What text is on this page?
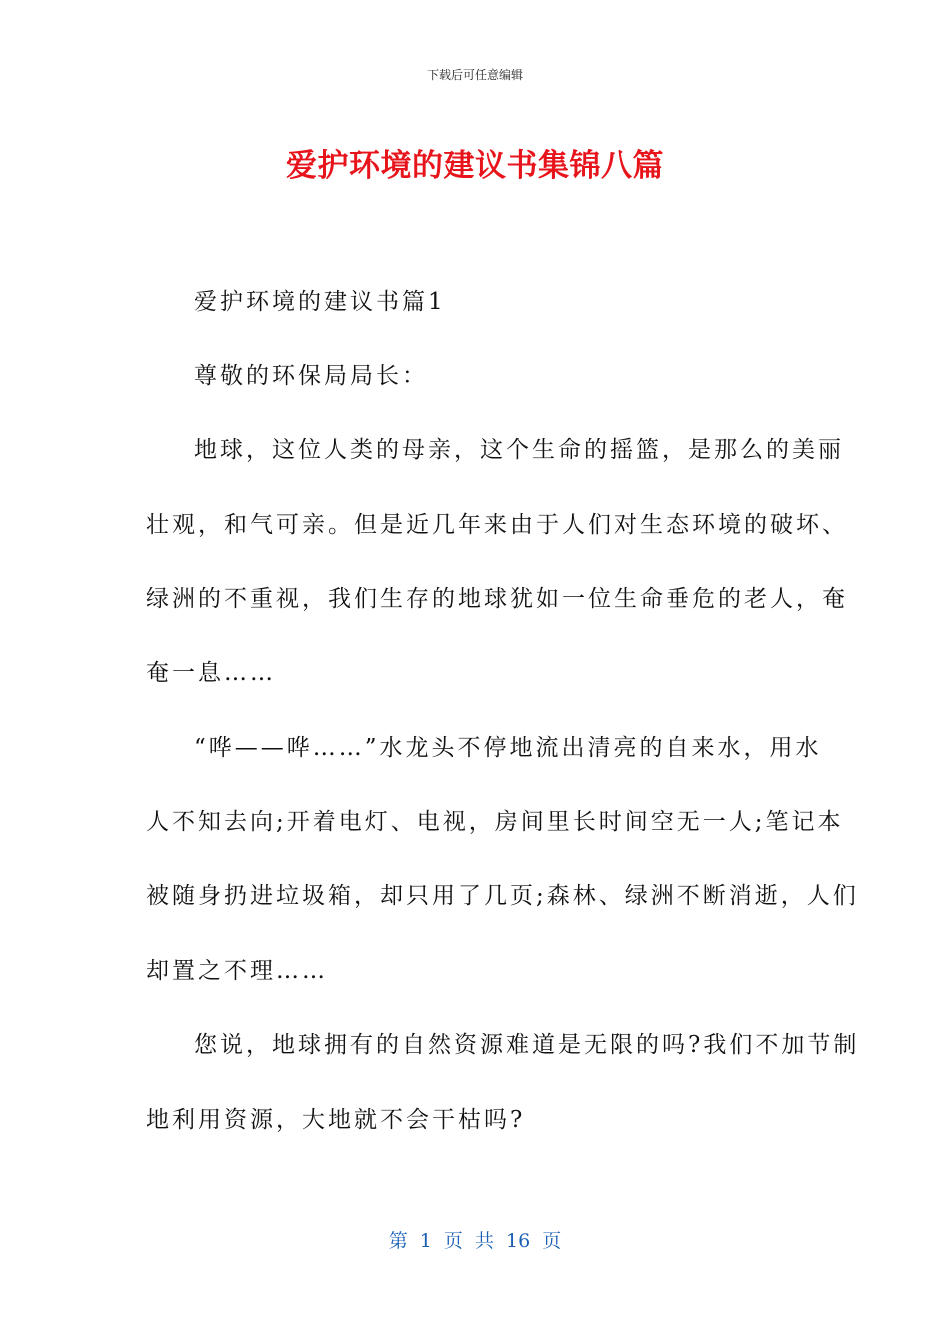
下载后可任意编辑
爱护环境的建议书集锦八篇
爱护环境的建议书篇1
尊敬的环保局局长：
地球，这位人类的母亲，这个生命的摇篮，是那么的美丽
壮观，和气可亲。但是近几年来由于人们对生态环境的破坏、
绿洲的不重视，我们生存的地球犹如一位生命垂危的老人，奄
奄一息……
“哗——哗……”水龙头不停地流出清亮的自来水，用水
人不知去向;开着电灯、电视，房间里长时间空无一人;笔记本
被随身扔进垃圾箱，却只用了几页;森林、绿洲不断消逝，人们
却置之不理……
您说，地球拥有的自然资源难道是无限的吗?我们不加节制
地利用资源，大地就不会干枯吗?
第 1 页 共 16 页
